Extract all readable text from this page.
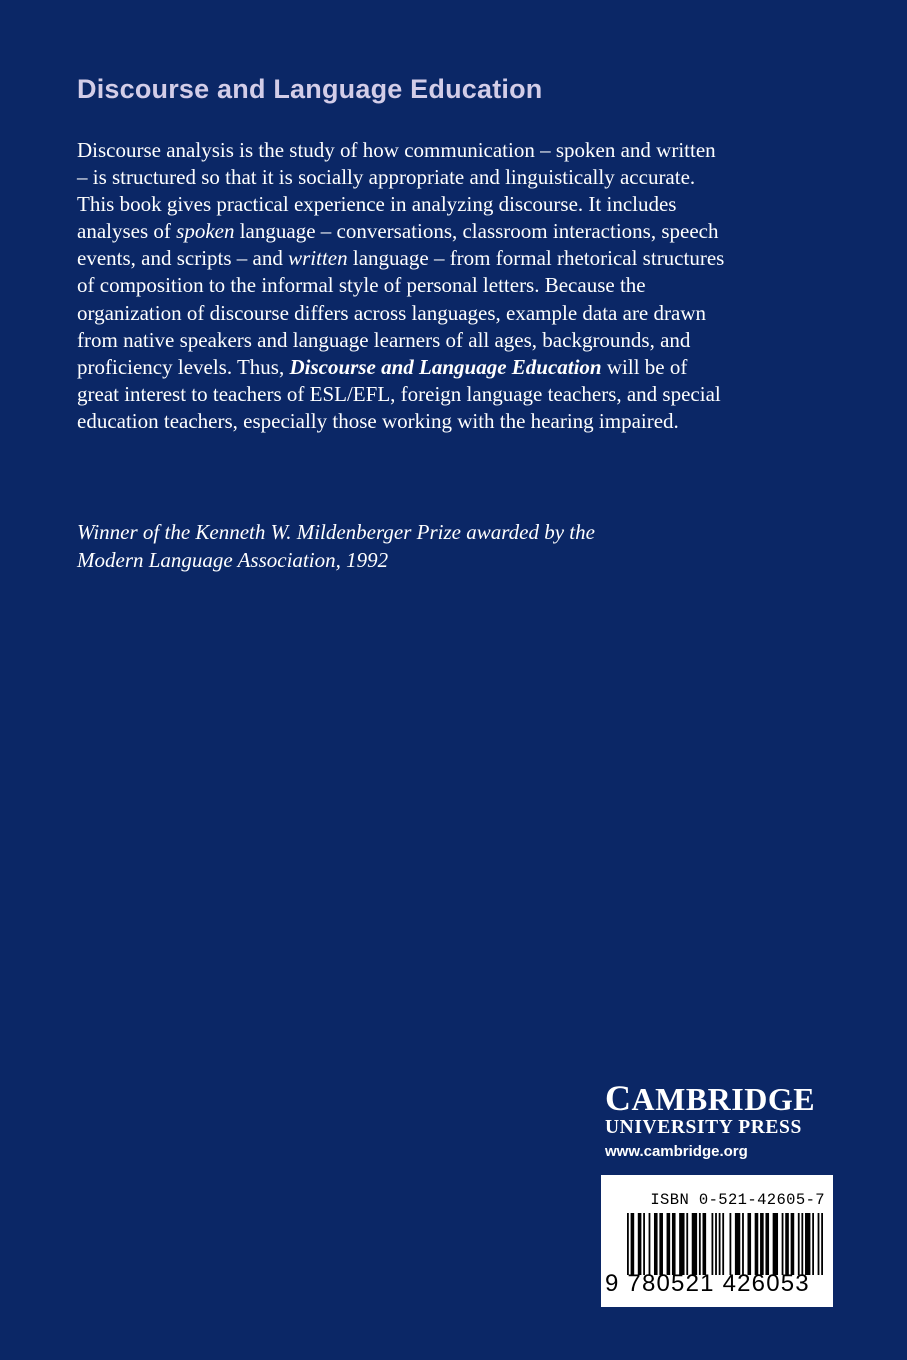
Discourse and Language Education

Discourse analysis is the study of how communication – spoken and written – is structured so that it is socially appropriate and linguistically accurate. This book gives practical experience in analyzing discourse. It includes analyses of spoken language – conversations, classroom interactions, speech events, and scripts – and written language – from formal rhetorical structures of composition to the informal style of personal letters. Because the organization of discourse differs across languages, example data are drawn from native speakers and language learners of all ages, backgrounds, and proficiency levels. Thus, Discourse and Language Education will be of great interest to teachers of ESL/EFL, foreign language teachers, and special education teachers, especially those working with the hearing impaired.

Winner of the Kenneth W. Mildenberger Prize awarded by the
Modern Language Association, 1992

CAMBRIDGE
UNIVERSITY PRESS
www.cambridge.org
ISBN 0-521-42605-7
9 780521 426053
